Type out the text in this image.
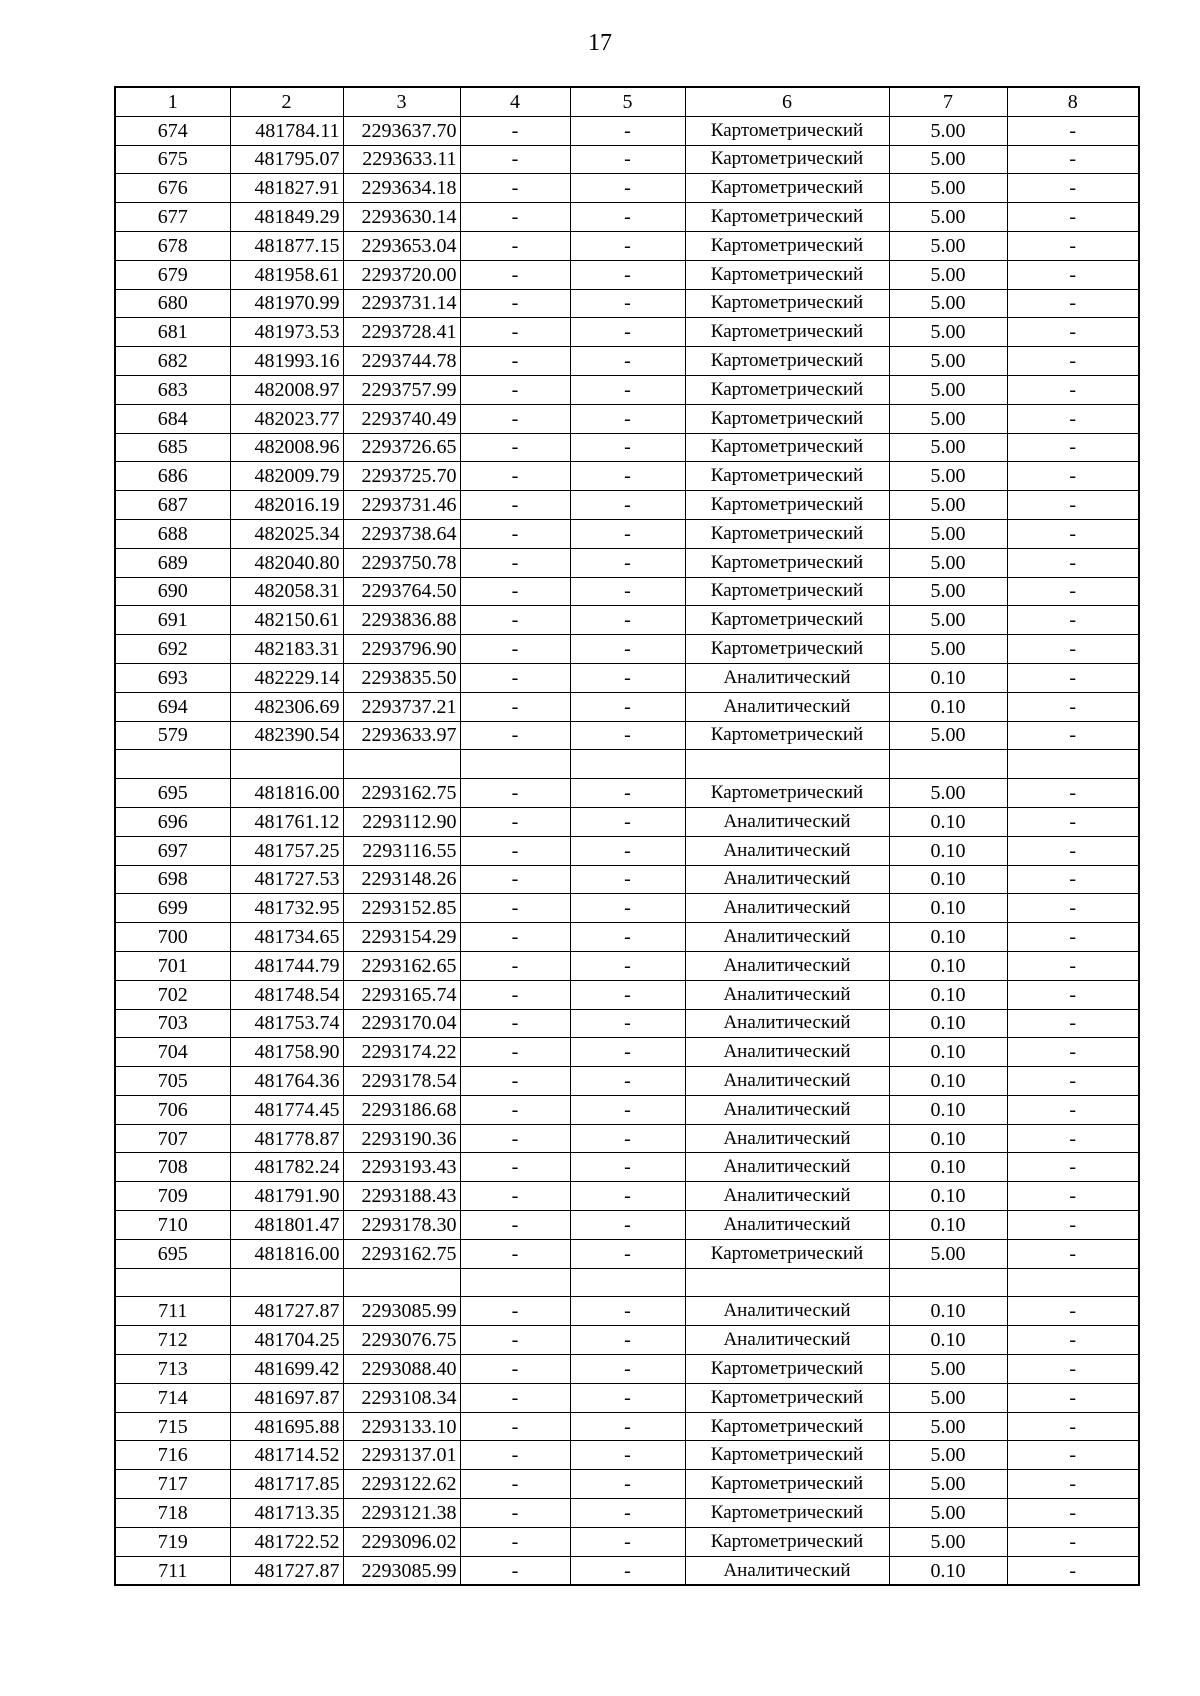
17
1	2	3	4	5	6	7	8
674	481784.11	2293637.70	-	-	Картометрический	5.00	-
675	481795.07	2293633.11	-	-	Картометрический	5.00	-
676	481827.91	2293634.18	-	-	Картометрический	5.00	-
677	481849.29	2293630.14	-	-	Картометрический	5.00	-
678	481877.15	2293653.04	-	-	Картометрический	5.00	-
679	481958.61	2293720.00	-	-	Картометрический	5.00	-
680	481970.99	2293731.14	-	-	Картометрический	5.00	-
681	481973.53	2293728.41	-	-	Картометрический	5.00	-
682	481993.16	2293744.78	-	-	Картометрический	5.00	-
683	482008.97	2293757.99	-	-	Картометрический	5.00	-
684	482023.77	2293740.49	-	-	Картометрический	5.00	-
685	482008.96	2293726.65	-	-	Картометрический	5.00	-
686	482009.79	2293725.70	-	-	Картометрический	5.00	-
687	482016.19	2293731.46	-	-	Картометрический	5.00	-
688	482025.34	2293738.64	-	-	Картометрический	5.00	-
689	482040.80	2293750.78	-	-	Картометрический	5.00	-
690	482058.31	2293764.50	-	-	Картометрический	5.00	-
691	482150.61	2293836.88	-	-	Картометрический	5.00	-
692	482183.31	2293796.90	-	-	Картометрический	5.00	-
693	482229.14	2293835.50	-	-	Аналитический	0.10	-
694	482306.69	2293737.21	-	-	Аналитический	0.10	-
579	482390.54	2293633.97	-	-	Картометрический	5.00	-

695	481816.00	2293162.75	-	-	Картометрический	5.00	-
696	481761.12	2293112.90	-	-	Аналитический	0.10	-
697	481757.25	2293116.55	-	-	Аналитический	0.10	-
698	481727.53	2293148.26	-	-	Аналитический	0.10	-
699	481732.95	2293152.85	-	-	Аналитический	0.10	-
700	481734.65	2293154.29	-	-	Аналитический	0.10	-
701	481744.79	2293162.65	-	-	Аналитический	0.10	-
702	481748.54	2293165.74	-	-	Аналитический	0.10	-
703	481753.74	2293170.04	-	-	Аналитический	0.10	-
704	481758.90	2293174.22	-	-	Аналитический	0.10	-
705	481764.36	2293178.54	-	-	Аналитический	0.10	-
706	481774.45	2293186.68	-	-	Аналитический	0.10	-
707	481778.87	2293190.36	-	-	Аналитический	0.10	-
708	481782.24	2293193.43	-	-	Аналитический	0.10	-
709	481791.90	2293188.43	-	-	Аналитический	0.10	-
710	481801.47	2293178.30	-	-	Аналитический	0.10	-
695	481816.00	2293162.75	-	-	Картометрический	5.00	-

711	481727.87	2293085.99	-	-	Аналитический	0.10	-
712	481704.25	2293076.75	-	-	Аналитический	0.10	-
713	481699.42	2293088.40	-	-	Картометрический	5.00	-
714	481697.87	2293108.34	-	-	Картометрический	5.00	-
715	481695.88	2293133.10	-	-	Картометрический	5.00	-
716	481714.52	2293137.01	-	-	Картометрический	5.00	-
717	481717.85	2293122.62	-	-	Картометрический	5.00	-
718	481713.35	2293121.38	-	-	Картометрический	5.00	-
719	481722.52	2293096.02	-	-	Картометрический	5.00	-
711	481727.87	2293085.99	-	-	Аналитический	0.10	-
